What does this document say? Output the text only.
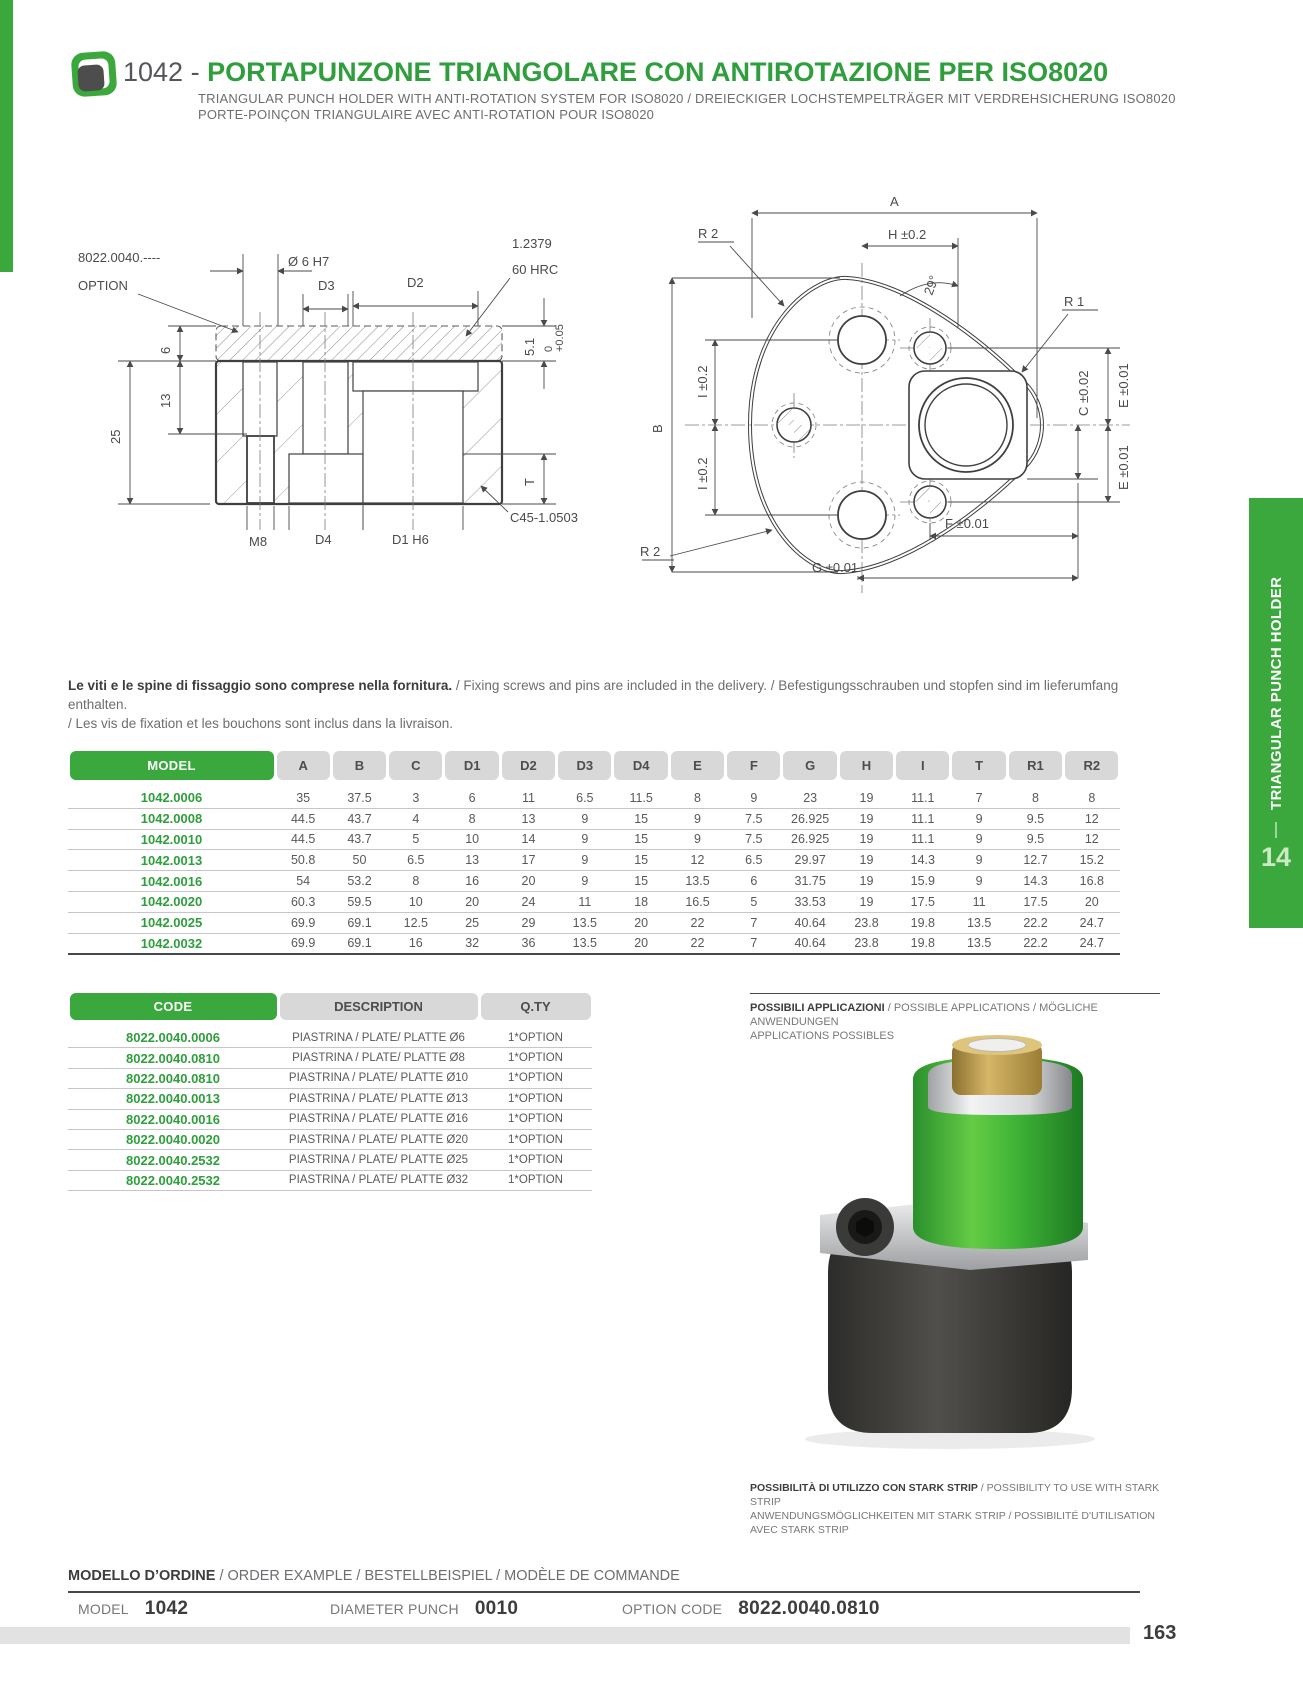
1042 - PORTAPUNZONE TRIANGOLARE CON ANTIROTAZIONE PER ISO8020
TRIANGULAR PUNCH HOLDER WITH ANTI-ROTATION SYSTEM FOR ISO8020 / DREIECKIGER LOCHSTEMPELTRÄGER MIT VERDREHSICHERUNG ISO8020
PORTE-POINÇON TRIANGULAIRE AVEC ANTI-ROTATION POUR ISO8020
8022.0040.----
OPTION
Ø 6 H7
D3	D2
1.2379
60 HRC
6
13
25
5.1 0+0.05
T
M8	D4	D1 H6
C45-1.0503
A
H ±0.2
R 2
29°
R 1
B
I ±0.2
I ±0.2
C ±0.02 E ±0.01
E ±0.01
F ±0.01
G ±0.01
R 2
Le viti e le spine di fissaggio sono comprese nella fornitura. / Fixing screws and pins are included in the delivery. / Befestigungsschrauben und stopfen sind im lieferumfang enthalten.
/ Les vis de fixation et les bouchons sont inclus dans la livraison.
MODEL	A	B	C	D1	D2	D3	D4	E	F	G	H	I	T	R1	R2
1042.0006	35	37.5	3	6	11	6.5	11.5	8	9	23	19	11.1	7	8	8
1042.0008	44.5	43.7	4	8	13	9	15	9	7.5	26.925	19	11.1	9	9.5	12
1042.0010	44.5	43.7	5	10	14	9	15	9	7.5	26.925	19	11.1	9	9.5	12
1042.0013	50.8	50	6.5	13	17	9	15	12	6.5	29.97	19	14.3	9	12.7	15.2
1042.0016	54	53.2	8	16	20	9	15	13.5	6	31.75	19	15.9	9	14.3	16.8
1042.0020	60.3	59.5	10	20	24	11	18	16.5	5	33.53	19	17.5	11	17.5	20
1042.0025	69.9	69.1	12.5	25	29	13.5	20	22	7	40.64	23.8	19.8	13.5	22.2	24.7
1042.0032	69.9	69.1	16	32	36	13.5	20	22	7	40.64	23.8	19.8	13.5	22.2	24.7
CODE	DESCRIPTION	Q.TY
8022.0040.0006	PIASTRINA / PLATE/ PLATTE Ø6	1*OPTION
8022.0040.0810	PIASTRINA / PLATE/ PLATTE Ø8	1*OPTION
8022.0040.0810	PIASTRINA / PLATE/ PLATTE Ø10	1*OPTION
8022.0040.0013	PIASTRINA / PLATE/ PLATTE Ø13	1*OPTION
8022.0040.0016	PIASTRINA / PLATE/ PLATTE Ø16	1*OPTION
8022.0040.0020	PIASTRINA / PLATE/ PLATTE Ø20	1*OPTION
8022.0040.2532	PIASTRINA / PLATE/ PLATTE Ø25	1*OPTION
8022.0040.2532	PIASTRINA / PLATE/ PLATTE Ø32	1*OPTION
POSSIBILI APPLICAZIONI / POSSIBLE APPLICATIONS / MÖGLICHE ANWENDUNGEN
APPLICATIONS POSSIBLES
POSSIBILITÀ DI UTILIZZO CON STARK STRIP / POSSIBILITY TO USE WITH STARK STRIP
ANWENDUNGSMÖGLICHKEITEN MIT STARK STRIP / POSSIBILITÉ D'UTILISATION AVEC STARK STRIP
MODELLO D’ORDINE / ORDER EXAMPLE / BESTELLBEISPIEL / MODÈLE DE COMMANDE
MODEL 1042	DIAMETER PUNCH 0010	OPTION CODE 8022.0040.0810
163
TRIANGULAR PUNCH HOLDER
14
